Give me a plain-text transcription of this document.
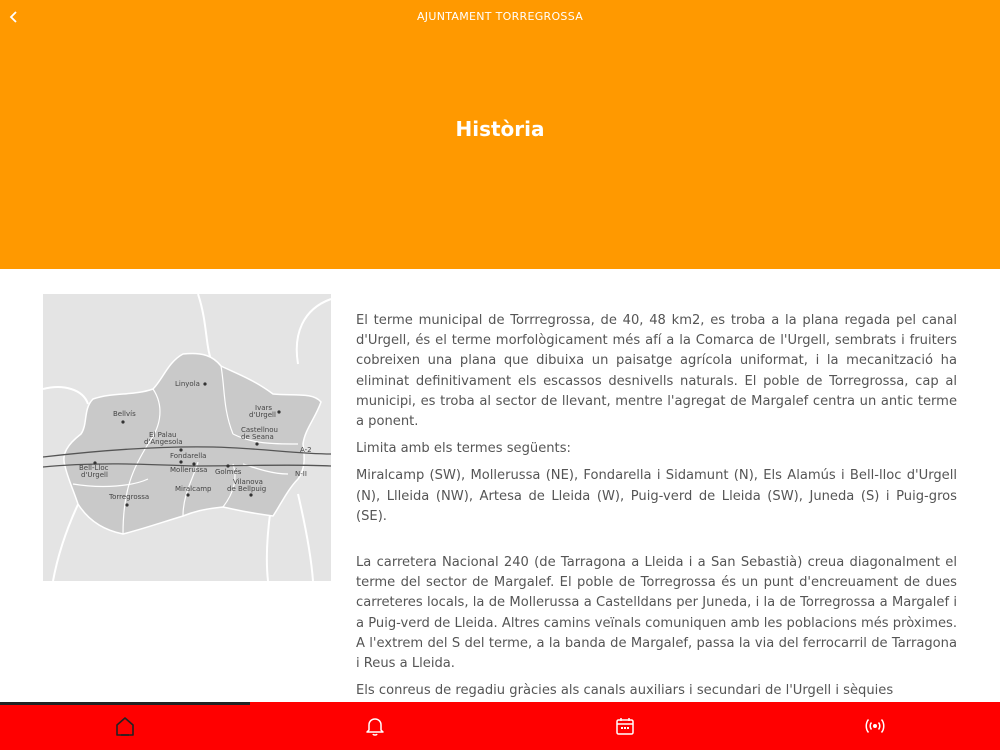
AJUNTAMENT TORREGROSSA
Història
Linyola
Bellvís
Ivars
d'Urgell
El Palau
d'Angesola
Castellnou
de Seana
A-2
N-II
Fondarella
Mollerussa Golmés
Bell-Lloc
d'Urgell
Torregrossa
Miralcamp
Vilanova
de Bellpuig

El terme municipal de Torrregrossa, de 40, 48 km2, es troba a la plana regada pel canal d'Urgell, és el terme morfològicament més afí a la Comarca de l'Urgell, sembrats i fruiters cobreixen una plana que dibuixa un paisatge agrícola uniformat, i la mecanització ha eliminat definitivament els escassos desnivells naturals. El poble de Torregrossa, cap al municipi, es troba al sector de llevant, mentre l'agregat de Margalef centra un antic terme a ponent.

Limita amb els termes següents:

Miralcamp (SW), Mollerussa (NE), Fondarella i Sidamunt (N), Els Alamús i Bell-lloc d'Urgell (N), Llleida (NW), Artesa de Lleida (W), Puig-verd de Lleida (SW), Juneda (S) i Puig-gros (SE).

La carretera Nacional 240 (de Tarragona a Lleida i a San Sebastià) creua diagonalment el terme del sector de Margalef. El poble de Torregrossa és un punt d'encreuament de dues carreteres locals, la de Mollerussa a Castelldans per Juneda, i la de Torregrossa a Margalef i a Puig-verd de Lleida. Altres camins veïnals comuniquen amb les poblacions més pròximes. A l'extrem del S del terme, a la banda de Margalef, passa la via del ferrocarril de Tarragona i Reus a Lleida.

Els conreus de regadiu gràcies als canals auxiliars i secundari de l'Urgell i sèquies
